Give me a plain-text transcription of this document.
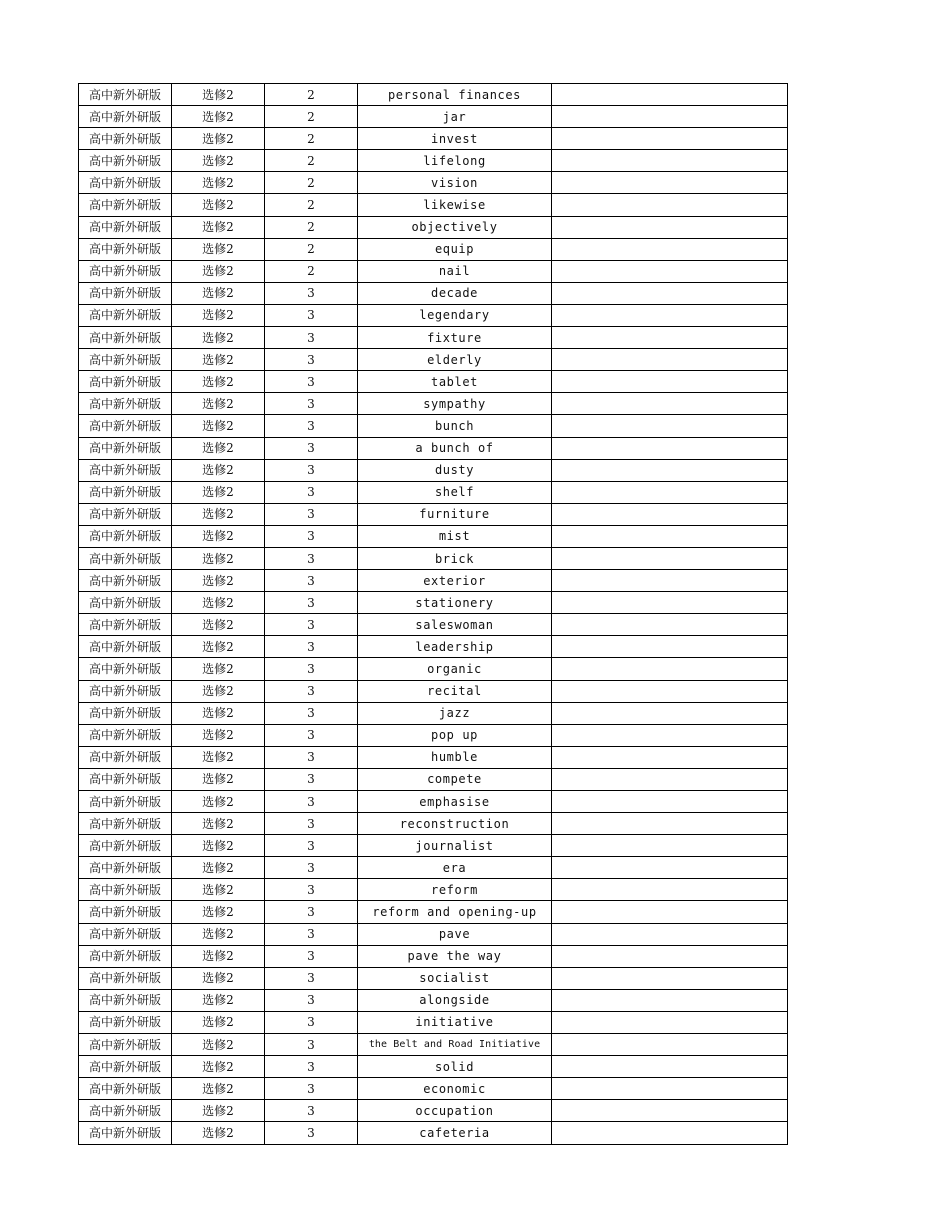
高中新外研版	选修2	2	personal finances	
高中新外研版	选修2	2	jar	
高中新外研版	选修2	2	invest	
高中新外研版	选修2	2	lifelong	
高中新外研版	选修2	2	vision	
高中新外研版	选修2	2	likewise	
高中新外研版	选修2	2	objectively	
高中新外研版	选修2	2	equip	
高中新外研版	选修2	2	nail	
高中新外研版	选修2	3	decade	
高中新外研版	选修2	3	legendary	
高中新外研版	选修2	3	fixture	
高中新外研版	选修2	3	elderly	
高中新外研版	选修2	3	tablet	
高中新外研版	选修2	3	sympathy	
高中新外研版	选修2	3	bunch	
高中新外研版	选修2	3	a bunch of	
高中新外研版	选修2	3	dusty	
高中新外研版	选修2	3	shelf	
高中新外研版	选修2	3	furniture	
高中新外研版	选修2	3	mist	
高中新外研版	选修2	3	brick	
高中新外研版	选修2	3	exterior	
高中新外研版	选修2	3	stationery	
高中新外研版	选修2	3	saleswoman	
高中新外研版	选修2	3	leadership	
高中新外研版	选修2	3	organic	
高中新外研版	选修2	3	recital	
高中新外研版	选修2	3	jazz	
高中新外研版	选修2	3	pop up	
高中新外研版	选修2	3	humble	
高中新外研版	选修2	3	compete	
高中新外研版	选修2	3	emphasise	
高中新外研版	选修2	3	reconstruction	
高中新外研版	选修2	3	journalist	
高中新外研版	选修2	3	era	
高中新外研版	选修2	3	reform	
高中新外研版	选修2	3	reform and opening-up	
高中新外研版	选修2	3	pave	
高中新外研版	选修2	3	pave the way	
高中新外研版	选修2	3	socialist	
高中新外研版	选修2	3	alongside	
高中新外研版	选修2	3	initiative	
高中新外研版	选修2	3	the Belt and Road Initiative	
高中新外研版	选修2	3	solid	
高中新外研版	选修2	3	economic	
高中新外研版	选修2	3	occupation	
高中新外研版	选修2	3	cafeteria	
